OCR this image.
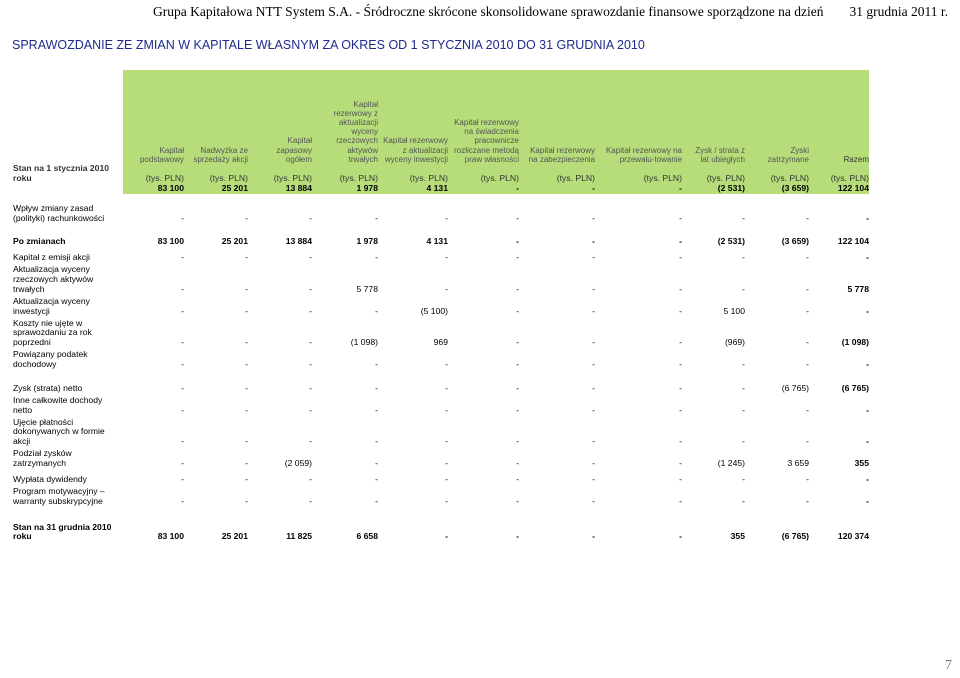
Grupa Kapitałowa NTT System S.A. - Śródroczne skrócone skonsolidowane sprawozdanie finansowe sporządzone na dzień 31 grudnia 2011 r.
SPRAWOZDANIE ZE ZMIAN W KAPITALE WŁASNYM ZA OKRES OD 1 STYCZNIA 2010 DO 31 GRUDNIA 2010
	Kapitał podstawowy	Nadwyżka ze sprzedaży akcji	Kapitał zapasowy ogółem	Kapitał rezerwowy z aktualizacji wyceny rzeczowych aktywów trwałych	Kapitał rezerwowy z aktualizacji wyceny inwestycji	Kapitał rezerwowy na świadczenia pracownicze rozliczane metodą praw własności	Kapitał rezerwowy na zabezpieczenia	Kapitał rezerwowy na przewalu-towanie	Zysk / strata z lat ubiegłych	Zyski zatrzymane	Razem
Stan na 1 stycznia 2010 roku	(tys. PLN)	(tys. PLN)	(tys. PLN)	(tys. PLN)	(tys. PLN)	(tys. PLN)	(tys. PLN)	(tys. PLN)	(tys. PLN)	(tys. PLN)	(tys. PLN)
	83 100	25 201	13 884	1 978	4 131	-	-	-	(2 531)	(3 659)	122 104

Wpływ zmiany zasad (polityki) rachunkowości	-	-	-	-	-	-	-	-	-	-	-

Po zmianach	83 100	25 201	13 884	1 978	4 131	-	-	-	(2 531)	(3 659)	122 104

Kapitał z emisji akcji	-	-	-	-	-	-	-	-	-	-	-

Aktualizacja wyceny rzeczowych aktywów trwałych	-	-	-	5 778	-	-	-	-	-	-	5 778

Aktualizacja wyceny inwestycji	-	-	-	-	(5 100)	-	-	-	5 100	-	-

Koszty nie ujęte w sprawozdaniu za rok poprzedni	-	-	-	(1 098)	969	-	-	-	(969)	-	(1 098)

Powiązany podatek dochodowy	-	-	-	-	-	-	-	-	-	-	-

Zysk (strata) netto	-	-	-	-	-	-	-	-	-	(6 765)	(6 765)

Inne całkowite dochody netto	-	-	-	-	-	-	-	-	-	-	-

Ujęcie płatności dokonywanych w formie akcji	-	-	-	-	-	-	-	-	-	-	-

Podział zysków zatrzymanych	-	-	(2 059)	-	-	-	-	-	(1 245)	3 659	355

Wypłata dywidendy	-	-	-	-	-	-	-	-	-	-	-

Program motywacyjny – warranty subskrypcyjne	-	-	-	-	-	-	-	-	-	-	-

Stan na 31 grudnia 2010 roku	83 100	25 201	11 825	6 658	-	-	-	-	355	(6 765)	120 374
7
